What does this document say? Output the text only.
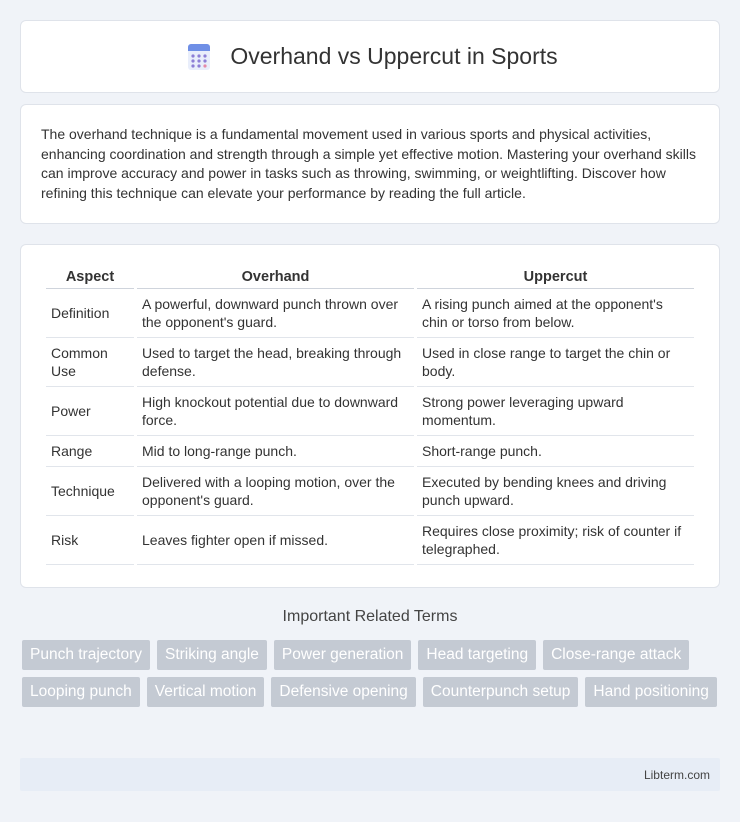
Overhand vs Uppercut in Sports

The overhand technique is a fundamental movement used in various sports and physical activities, enhancing coordination and strength through a simple yet effective motion. Mastering your overhand skills can improve accuracy and power in tasks such as throwing, swimming, or weightlifting. Discover how refining this technique can elevate your performance by reading the full article.

Aspect	Overhand	Uppercut
Definition	A powerful, downward punch thrown over the opponent's guard.	A rising punch aimed at the opponent's chin or torso from below.
Common Use	Used to target the head, breaking through defense.	Used in close range to target the chin or body.
Power	High knockout potential due to downward force.	Strong power leveraging upward momentum.
Range	Mid to long-range punch.	Short-range punch.
Technique	Delivered with a looping motion, over the opponent's guard.	Executed by bending knees and driving punch upward.
Risk	Leaves fighter open if missed.	Requires close proximity; risk of counter if telegraphed.
Important Related Terms
Punch trajectory	Striking angle	Power generation	Head targeting	Close-range attack
Looping punch	Vertical motion	Defensive opening	Counterpunch setup	Hand positioning
Libterm.com
